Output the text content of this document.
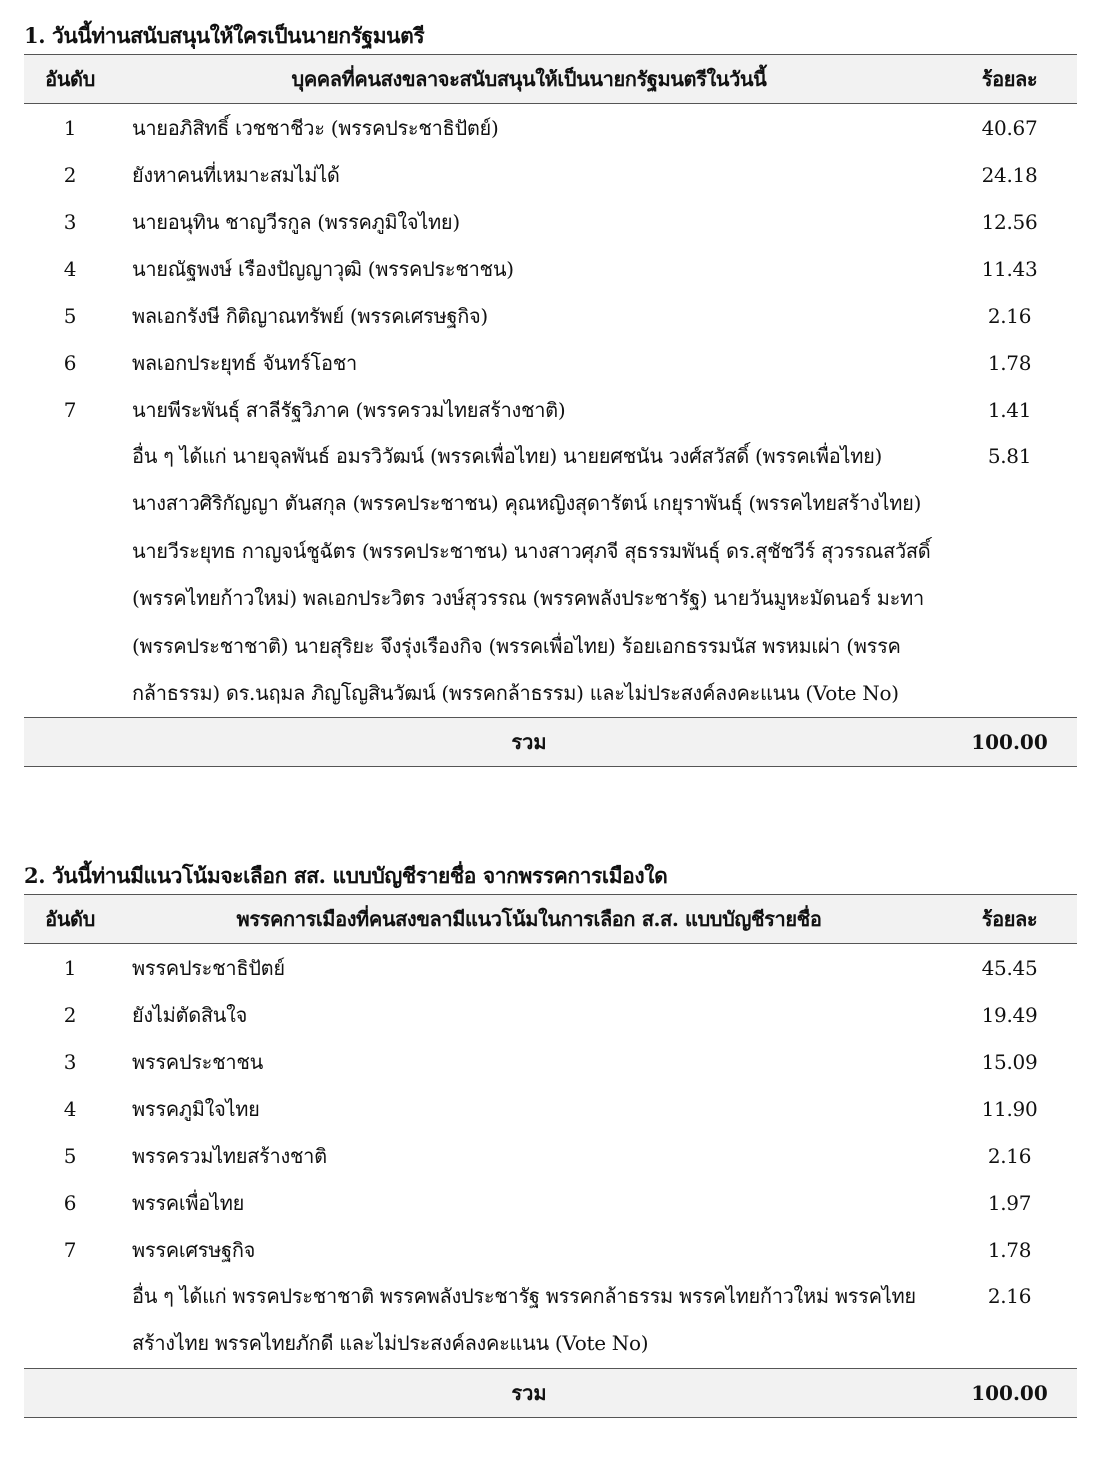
1. วันนี้ท่านสนับสนุนให้ใครเป็นนายกรัฐมนตรี
อันดับ	บุคคลที่คนสงขลาจะสนับสนุนให้เป็นนายกรัฐมนตรีในวันนี้	ร้อยละ
1	นายอภิสิทธิ์ เวชชาชีวะ (พรรคประชาธิปัตย์)	40.67
2	ยังหาคนที่เหมาะสมไม่ได้	24.18
3	นายอนุทิน ชาญวีรกูล (พรรคภูมิใจไทย)	12.56
4	นายณัฐพงษ์ เรืองปัญญาวุฒิ (พรรคประชาชน)	11.43
5	พลเอกรังษี กิติญาณทรัพย์ (พรรคเศรษฐกิจ)	2.16
6	พลเอกประยุทธ์ จันทร์โอชา	1.78
7	นายพีระพันธุ์ สาลีรัฐวิภาค (พรรครวมไทยสร้างชาติ)	1.41
	อื่น ๆ ได้แก่ นายจุลพันธ์ อมรวิวัฒน์ (พรรคเพื่อไทย) นายยศชนัน วงศ์สวัสดิ์ (พรรคเพื่อไทย) นางสาวศิริกัญญา ตันสกุล (พรรคประชาชน) คุณหญิงสุดารัตน์ เกยุราพันธุ์ (พรรคไทยสร้างไทย) นายวีระยุทธ กาญจน์ชูฉัตร (พรรคประชาชน) นางสาวศุภจี สุธรรมพันธุ์ ดร.สุชัชวีร์ สุวรรณสวัสดิ์ (พรรคไทยก้าวใหม่) พลเอกประวิตร วงษ์สุวรรณ (พรรคพลังประชารัฐ) นายวันมูหะมัดนอร์ มะทา (พรรคประชาชาติ) นายสุริยะ จึงรุ่งเรืองกิจ (พรรคเพื่อไทย) ร้อยเอกธรรมนัส พรหมเผ่า (พรรคกล้าธรรม) ดร.นฤมล ภิญโญสินวัฒน์ (พรรคกล้าธรรม) และไม่ประสงค์ลงคะแนน (Vote No)	5.81
	รวม	100.00
2. วันนี้ท่านมีแนวโน้มจะเลือก สส. แบบบัญชีรายชื่อ จากพรรคการเมืองใด
อันดับ	พรรคการเมืองที่คนสงขลามีแนวโน้มในการเลือก ส.ส. แบบบัญชีรายชื่อ	ร้อยละ
1	พรรคประชาธิปัตย์	45.45
2	ยังไม่ตัดสินใจ	19.49
3	พรรคประชาชน	15.09
4	พรรคภูมิใจไทย	11.90
5	พรรครวมไทยสร้างชาติ	2.16
6	พรรคเพื่อไทย	1.97
7	พรรคเศรษฐกิจ	1.78
	อื่น ๆ ได้แก่ พรรคประชาชาติ พรรคพลังประชารัฐ พรรคกล้าธรรม พรรคไทยก้าวใหม่ พรรคไทยสร้างไทย พรรคไทยภักดี และไม่ประสงค์ลงคะแนน (Vote No)	2.16
	รวม	100.00
